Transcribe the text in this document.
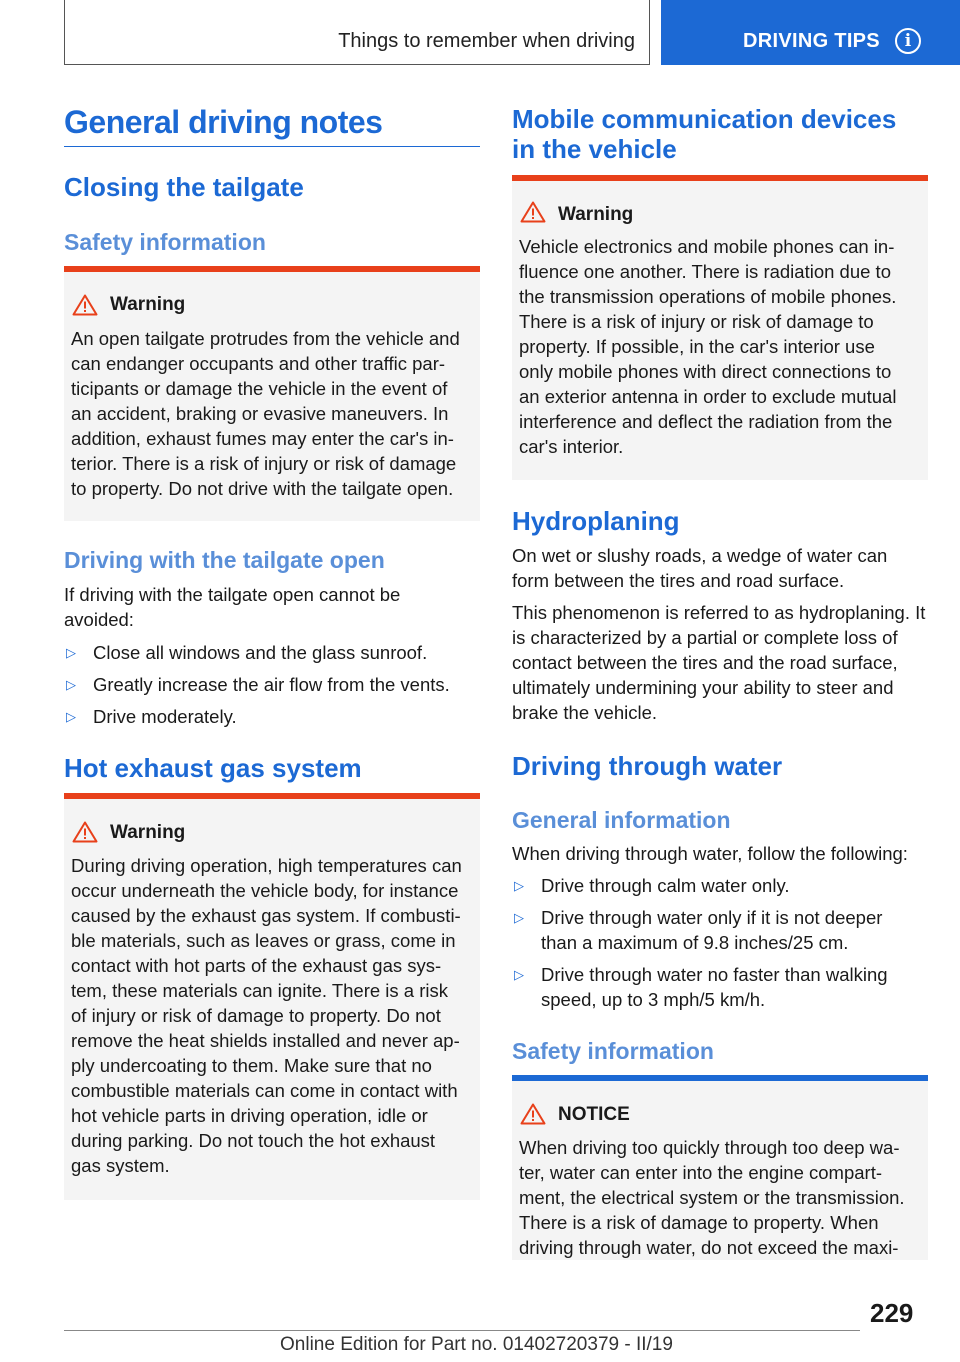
Things to remember when driving	DRIVING TIPS	i
General driving notes
Closing the tailgate
Safety information
Warning
An open tailgate protrudes from the vehicle and
can endanger occupants and other traffic par-
ticipants or damage the vehicle in the event of
an accident, braking or evasive maneuvers. In
addition, exhaust fumes may enter the car's in-
terior. There is a risk of injury or risk of damage
to property. Do not drive with the tailgate open.
Driving with the tailgate open
If driving with the tailgate open cannot be avoided:
▷ Close all windows and the glass sunroof.
▷ Greatly increase the air flow from the vents.
▷ Drive moderately.
Hot exhaust gas system
Warning
During driving operation, high temperatures can
occur underneath the vehicle body, for instance
caused by the exhaust gas system. If combusti-
ble materials, such as leaves or grass, come in
contact with hot parts of the exhaust gas sys-
tem, these materials can ignite. There is a risk
of injury or risk of damage to property. Do not
remove the heat shields installed and never ap-
ply undercoating to them. Make sure that no
combustible materials can come in contact with
hot vehicle parts in driving operation, idle or
during parking. Do not touch the hot exhaust
gas system.
Mobile communication devices
in the vehicle
Warning
Vehicle electronics and mobile phones can in-
fluence one another. There is radiation due to
the transmission operations of mobile phones.
There is a risk of injury or risk of damage to
property. If possible, in the car's interior use
only mobile phones with direct connections to
an exterior antenna in order to exclude mutual
interference and deflect the radiation from the
car's interior.
Hydroplaning
On wet or slushy roads, a wedge of water can form between the tires and road surface.
This phenomenon is referred to as hydroplaning. It is characterized by a partial or complete loss of contact between the tires and the road surface, ultimately undermining your ability to steer and brake the vehicle.
Driving through water
General information
When driving through water, follow the following:
▷ Drive through calm water only.
▷ Drive through water only if it is not deeper than a maximum of 9.8 inches/25 cm.
▷ Drive through water no faster than walking speed, up to 3 mph/5 km/h.
Safety information
NOTICE
When driving too quickly through too deep wa-
ter, water can enter into the engine compart-
ment, the electrical system or the transmission.
There is a risk of damage to property. When
driving through water, do not exceed the maxi-
229
Online Edition for Part no. 01402720379 - II/19
